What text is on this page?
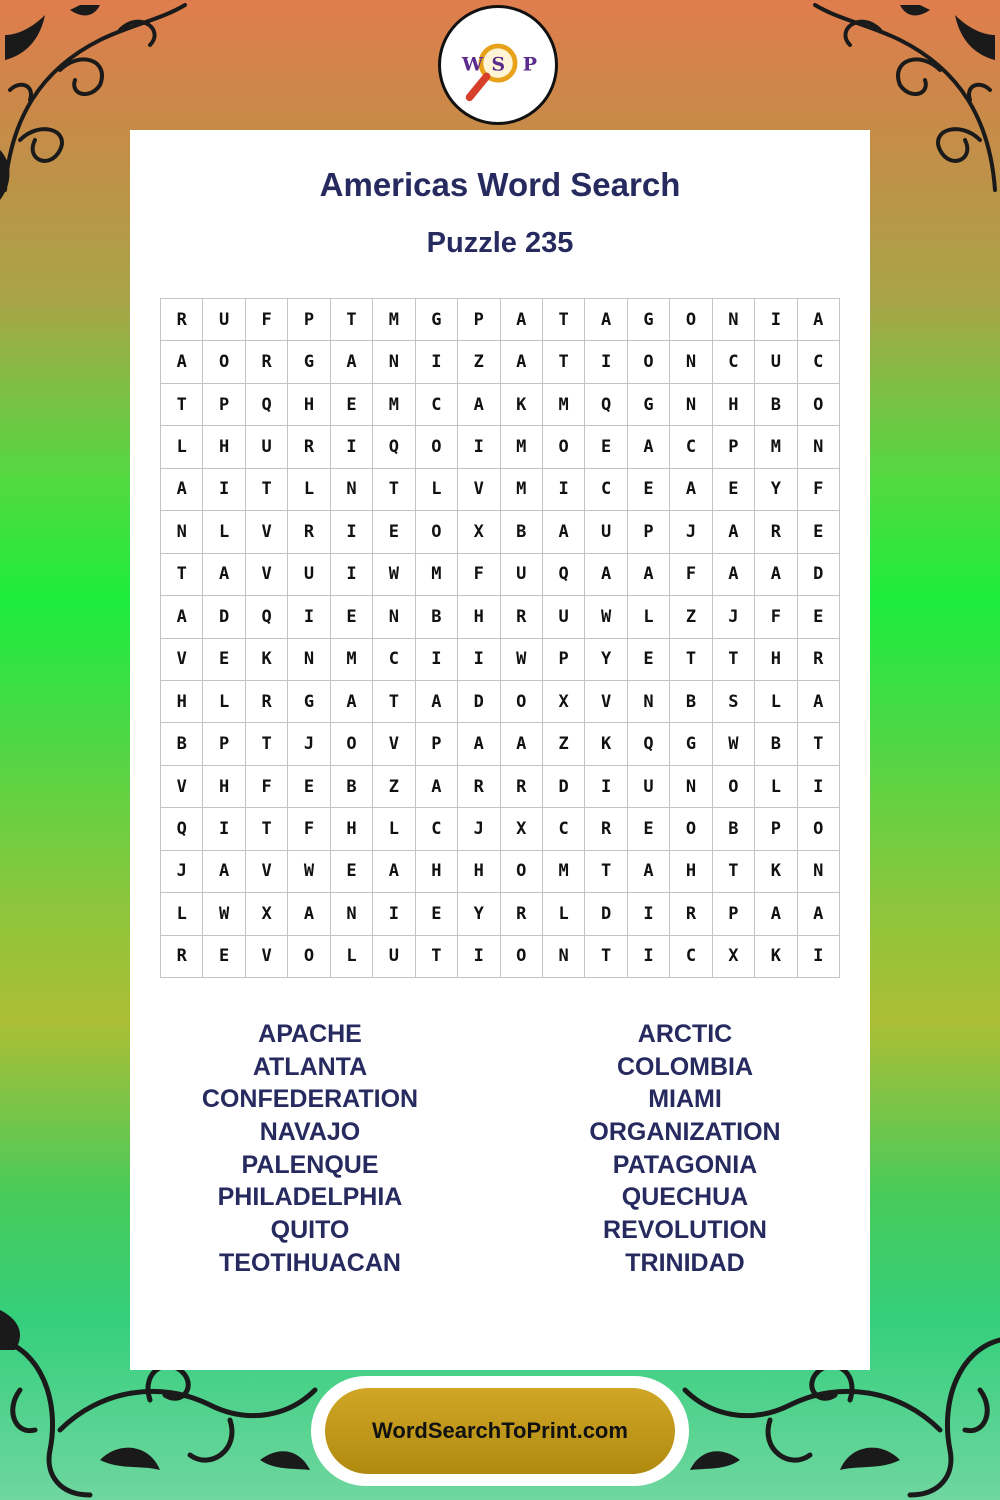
W S P
Americas Word Search
Puzzle 235
R	U	F	P	T	M	G	P	A	T	A	G	O	N	I	A
A	O	R	G	A	N	I	Z	A	T	I	O	N	C	U	C
T	P	Q	H	E	M	C	A	K	M	Q	G	N	H	B	O
L	H	U	R	I	Q	O	I	M	O	E	A	C	P	M	N
A	I	T	L	N	T	L	V	M	I	C	E	A	E	Y	F
N	L	V	R	I	E	O	X	B	A	U	P	J	A	R	E
T	A	V	U	I	W	M	F	U	Q	A	A	F	A	A	D
A	D	Q	I	E	N	B	H	R	U	W	L	Z	J	F	E
V	E	K	N	M	C	I	I	W	P	Y	E	T	T	H	R
H	L	R	G	A	T	A	D	O	X	V	N	B	S	L	A
B	P	T	J	O	V	P	A	A	Z	K	Q	G	W	B	T
V	H	F	E	B	Z	A	R	R	D	I	U	N	O	L	I
Q	I	T	F	H	L	C	J	X	C	R	E	O	B	P	O
J	A	V	W	E	A	H	H	O	M	T	A	H	T	K	N
L	W	X	A	N	I	E	Y	R	L	D	I	R	P	A	A
R	E	V	O	L	U	T	I	O	N	T	I	C	X	K	I
APACHE
ATLANTA
CONFEDERATION
NAVAJO
PALENQUE
PHILADELPHIA
QUITO
TEOTIHUACAN
ARCTIC
COLOMBIA
MIAMI
ORGANIZATION
PATAGONIA
QUECHUA
REVOLUTION
TRINIDAD
WordSearchToPrint.com
